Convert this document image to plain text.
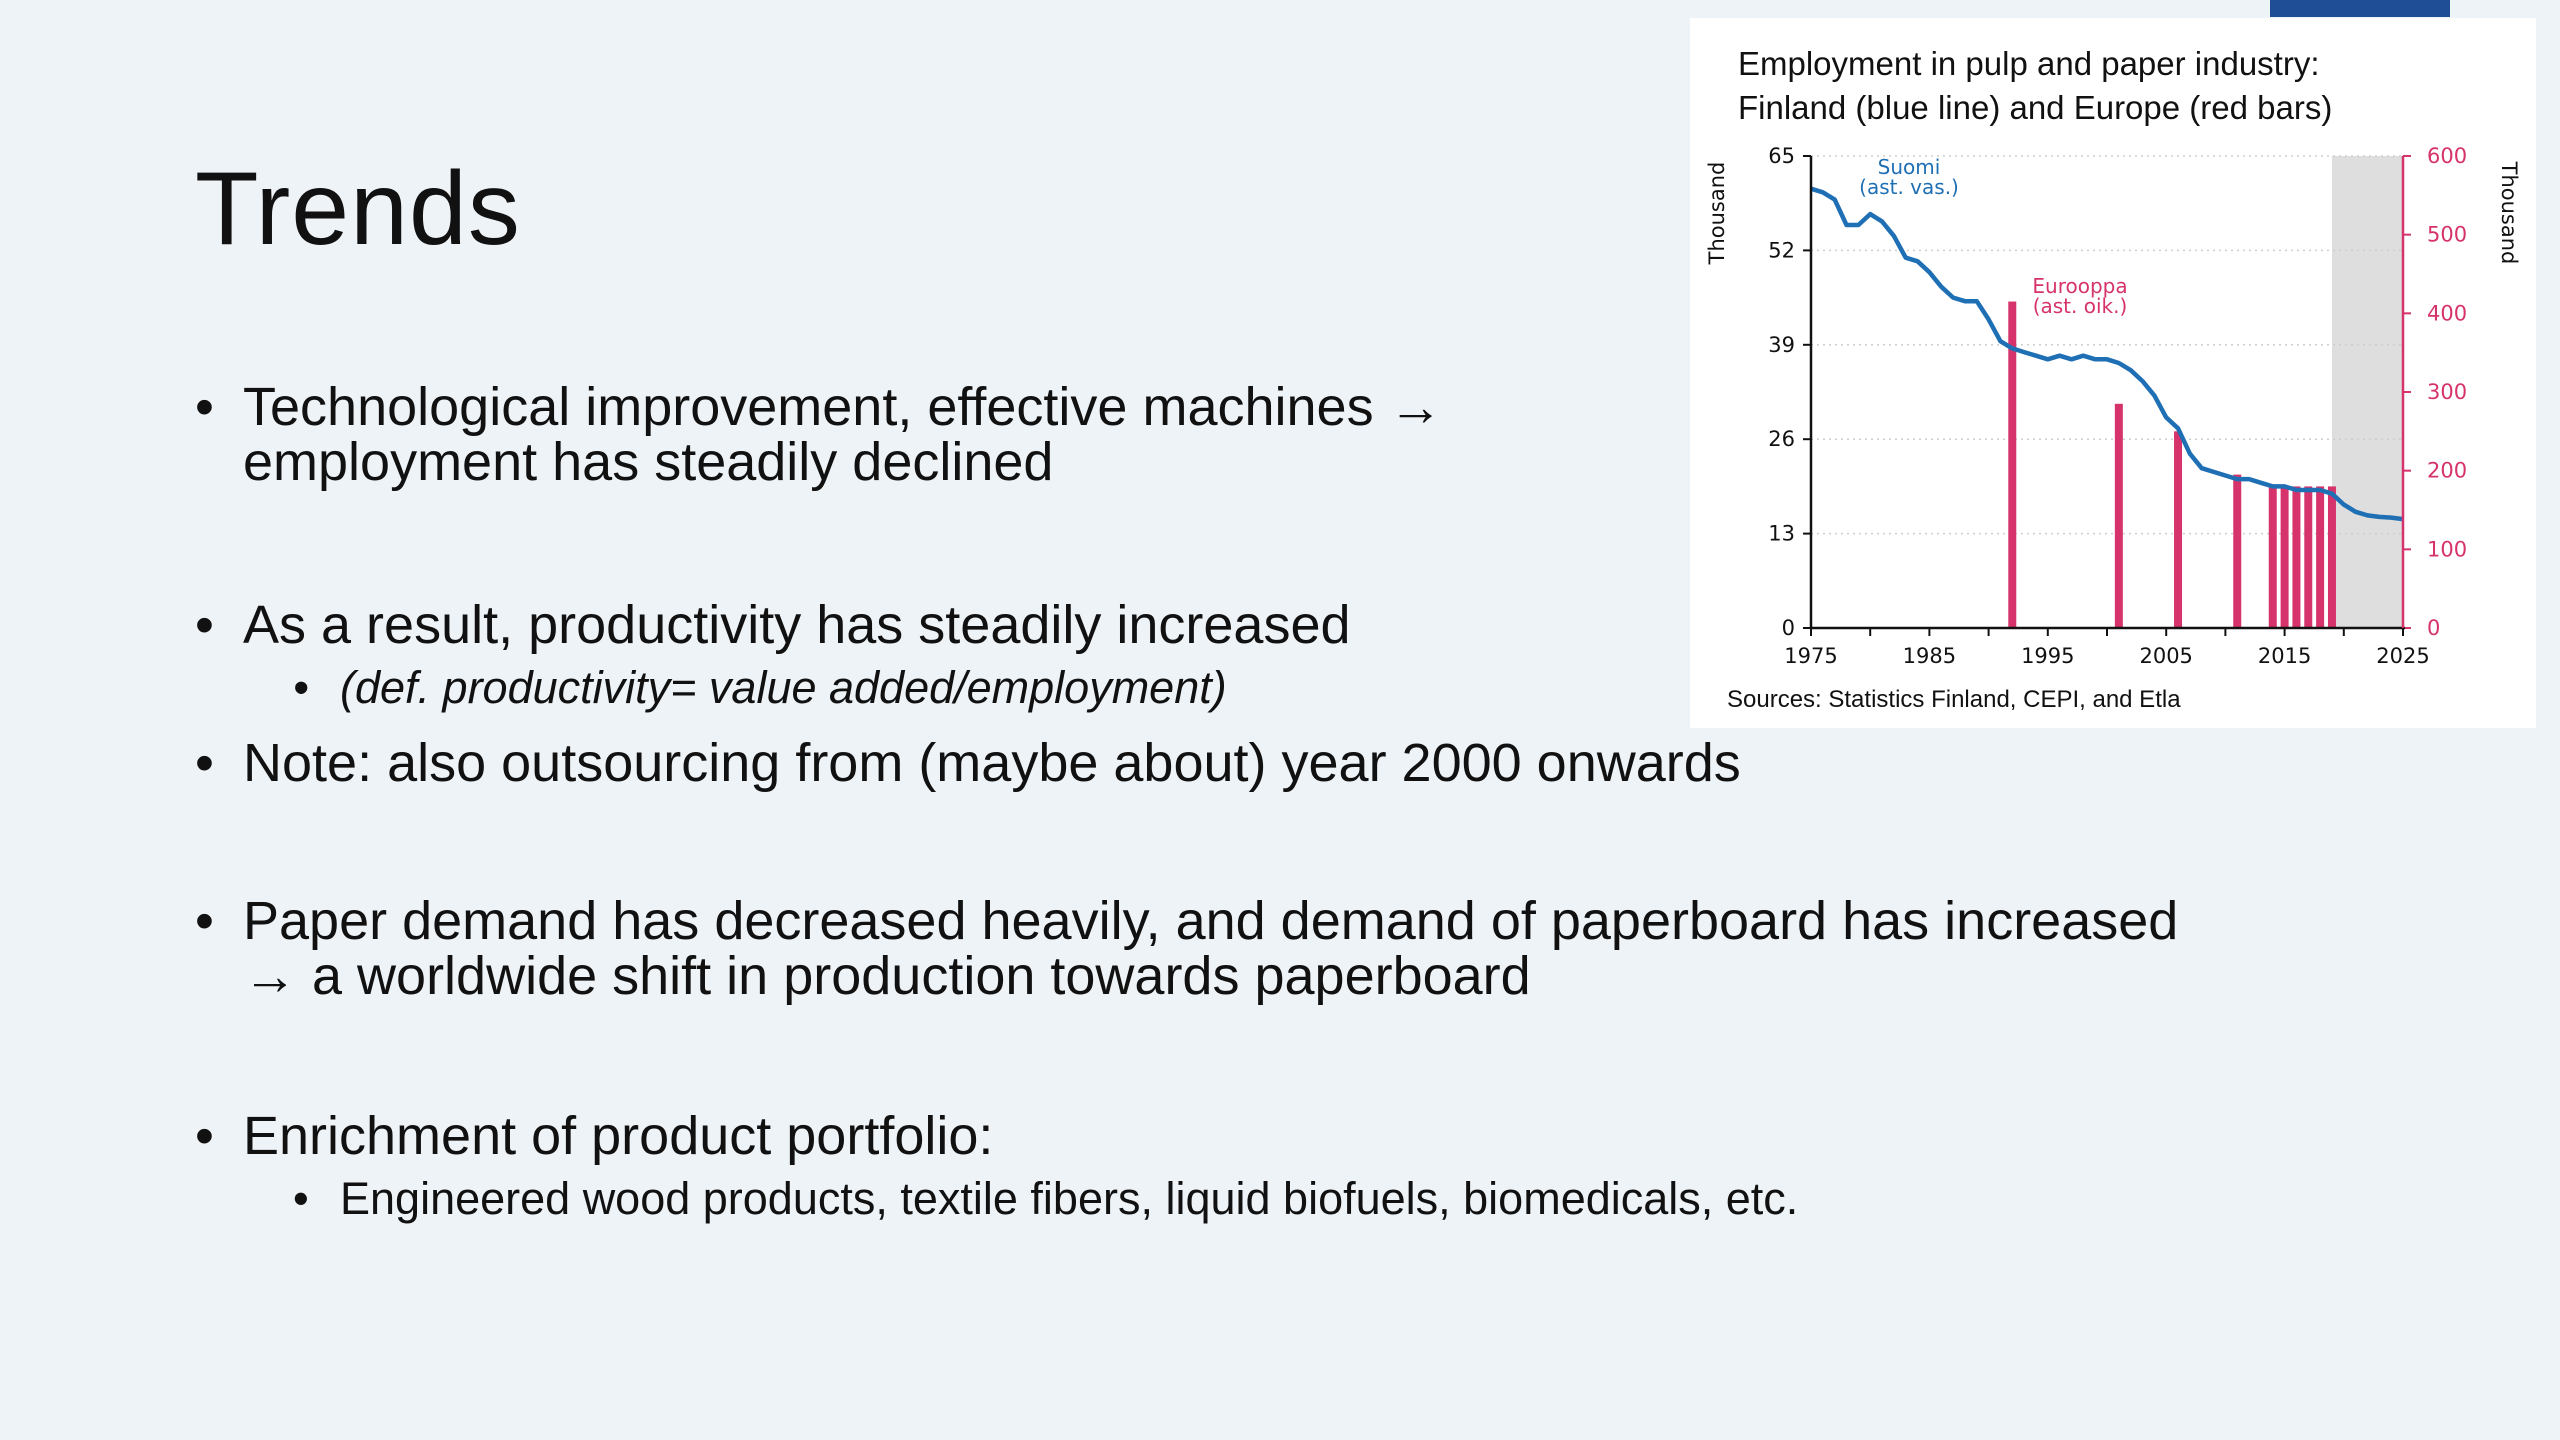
Trends
• Technological improvement, effective machines →
employment has steadily declined
• As a result, productivity has steadily increased
• (def. productivity= value added/employment)
• Note: also outsourcing from (maybe about) year 2000 onwards
• Paper demand has decreased heavily, and demand of paperboard has increased
→ a worldwide shift in production towards paperboard
• Enrichment of product portfolio:
• Engineered wood products, textile fibers, liquid biofuels, biomedicals, etc.
Employment in pulp and paper industry:
Finland (blue line) and Europe (red bars)
0
13
26
39
52
65
0
100
200
300
400
500
600
1975	1985	1995	2005	2015	2025
Suomi
(ast. vas.)
Eurooppa
(ast. oik.)
Thousand	Thousand
Sources: Statistics Finland, CEPI, and Etla
